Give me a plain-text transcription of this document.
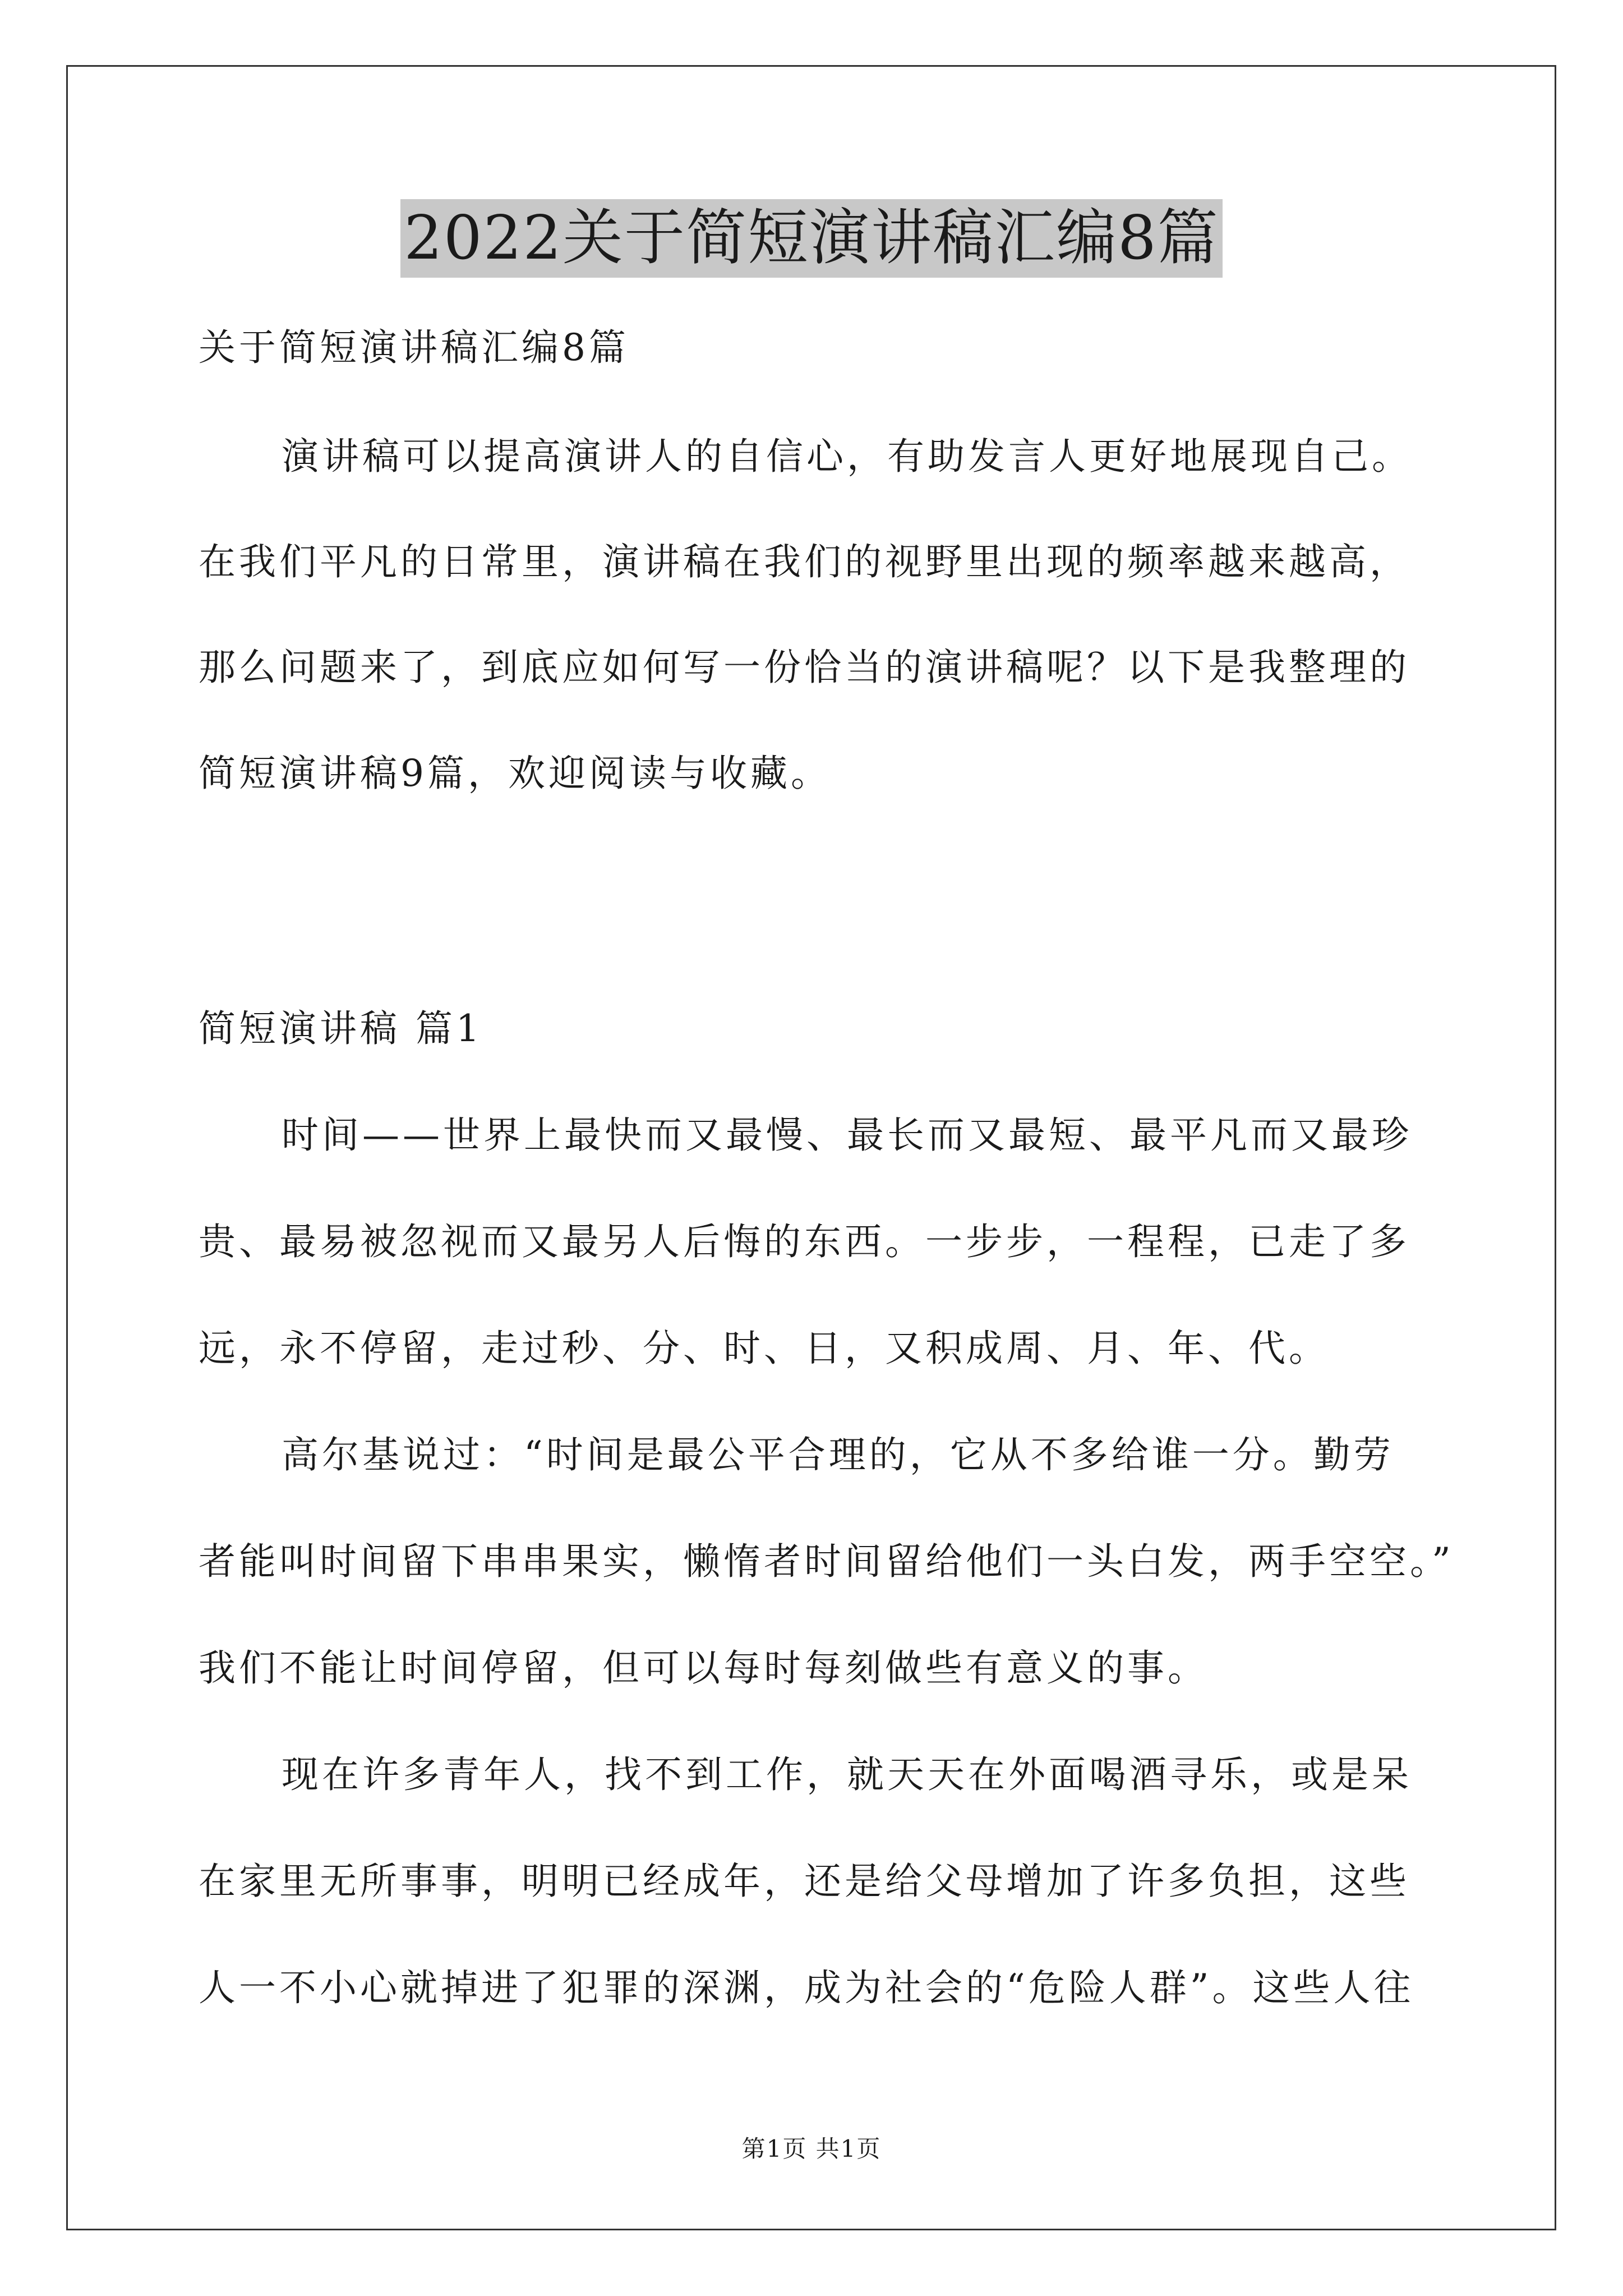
2022关于简短演讲稿汇编8篇
关于简短演讲稿汇编8篇
演讲稿可以提高演讲人的自信心，有助发言人更好地展现自己。
在我们平凡的日常里，演讲稿在我们的视野里出现的频率越来越高，
那么问题来了，到底应如何写一份恰当的演讲稿呢？以下是我整理的
简短演讲稿9篇，欢迎阅读与收藏。
简短演讲稿 篇1
时间——世界上最快而又最慢、最长而又最短、最平凡而又最珍
贵、最易被忽视而又最另人后悔的东西。一步步，一程程，已走了多
远，永不停留，走过秒、分、时、日，又积成周、月、年、代。
高尔基说过：“时间是最公平合理的，它从不多给谁一分。勤劳
者能叫时间留下串串果实，懒惰者时间留给他们一头白发，两手空空。”
我们不能让时间停留，但可以每时每刻做些有意义的事。
现在许多青年人，找不到工作，就天天在外面喝酒寻乐，或是呆
在家里无所事事，明明已经成年，还是给父母增加了许多负担，这些
人一不小心就掉进了犯罪的深渊，成为社会的“危险人群”。这些人往
第1页 共1页
